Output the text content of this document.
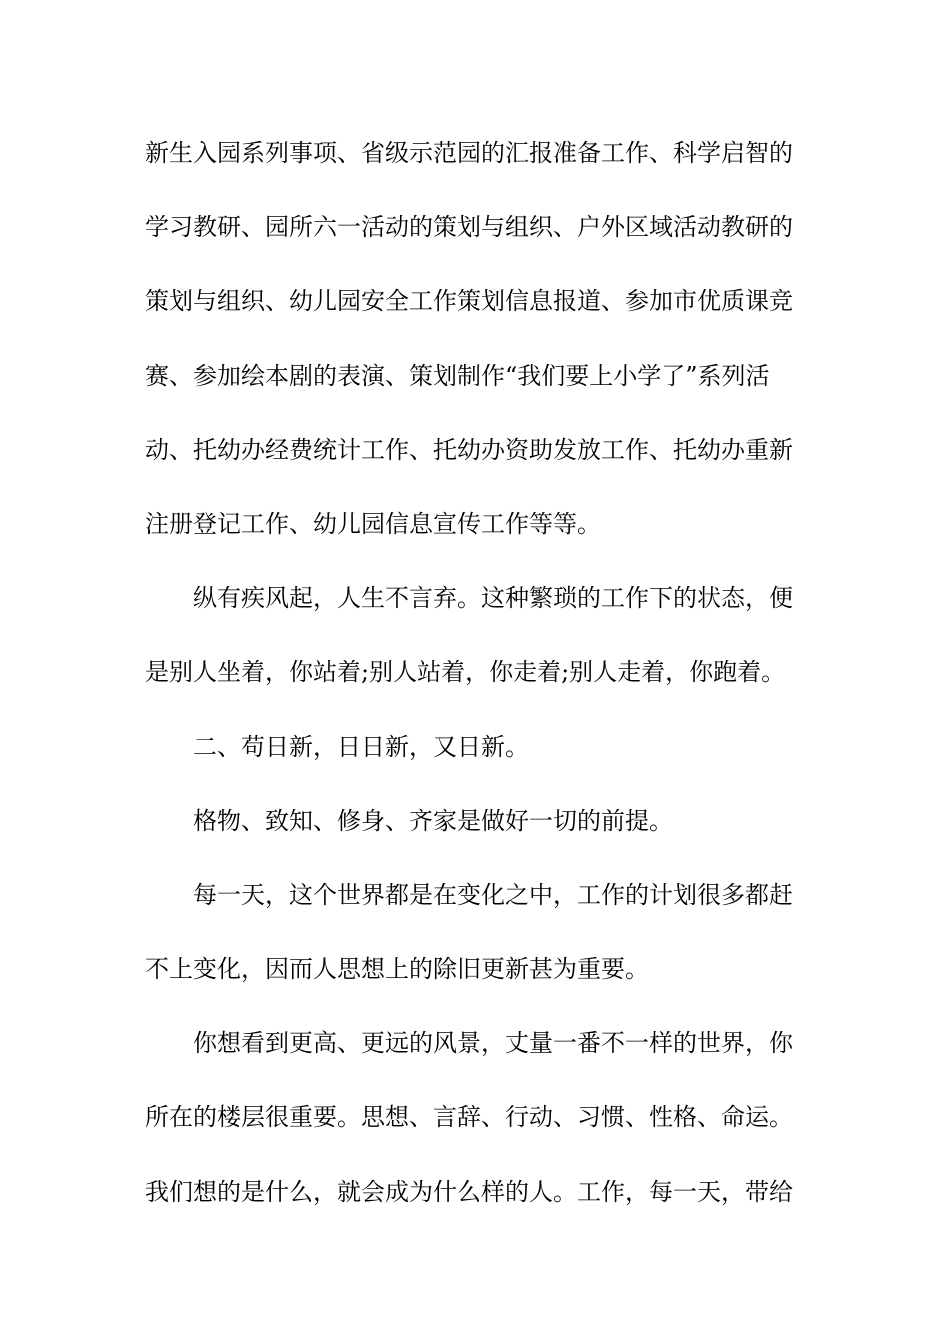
新生入园系列事项、省级示范园的汇报准备工作、科学启智的
学习教研、园所六一活动的策划与组织、户外区域活动教研的
策划与组织、幼儿园安全工作策划信息报道、参加市优质课竞
赛、参加绘本剧的表演、策划制作“我们要上小学了”系列活
动、托幼办经费统计工作、托幼办资助发放工作、托幼办重新
注册登记工作、幼儿园信息宣传工作等等。
纵有疾风起，人生不言弃。这种繁琐的工作下的状态，便
是别人坐着，你站着;别人站着，你走着;别人走着，你跑着。
二、苟日新，日日新，又日新。
格物、致知、修身、齐家是做好一切的前提。
每一天，这个世界都是在变化之中，工作的计划很多都赶
不上变化，因而人思想上的除旧更新甚为重要。
你想看到更高、更远的风景，丈量一番不一样的世界，你
所在的楼层很重要。思想、言辞、行动、习惯、性格、命运。
我们想的是什么，就会成为什么样的人。工作，每一天，带给
